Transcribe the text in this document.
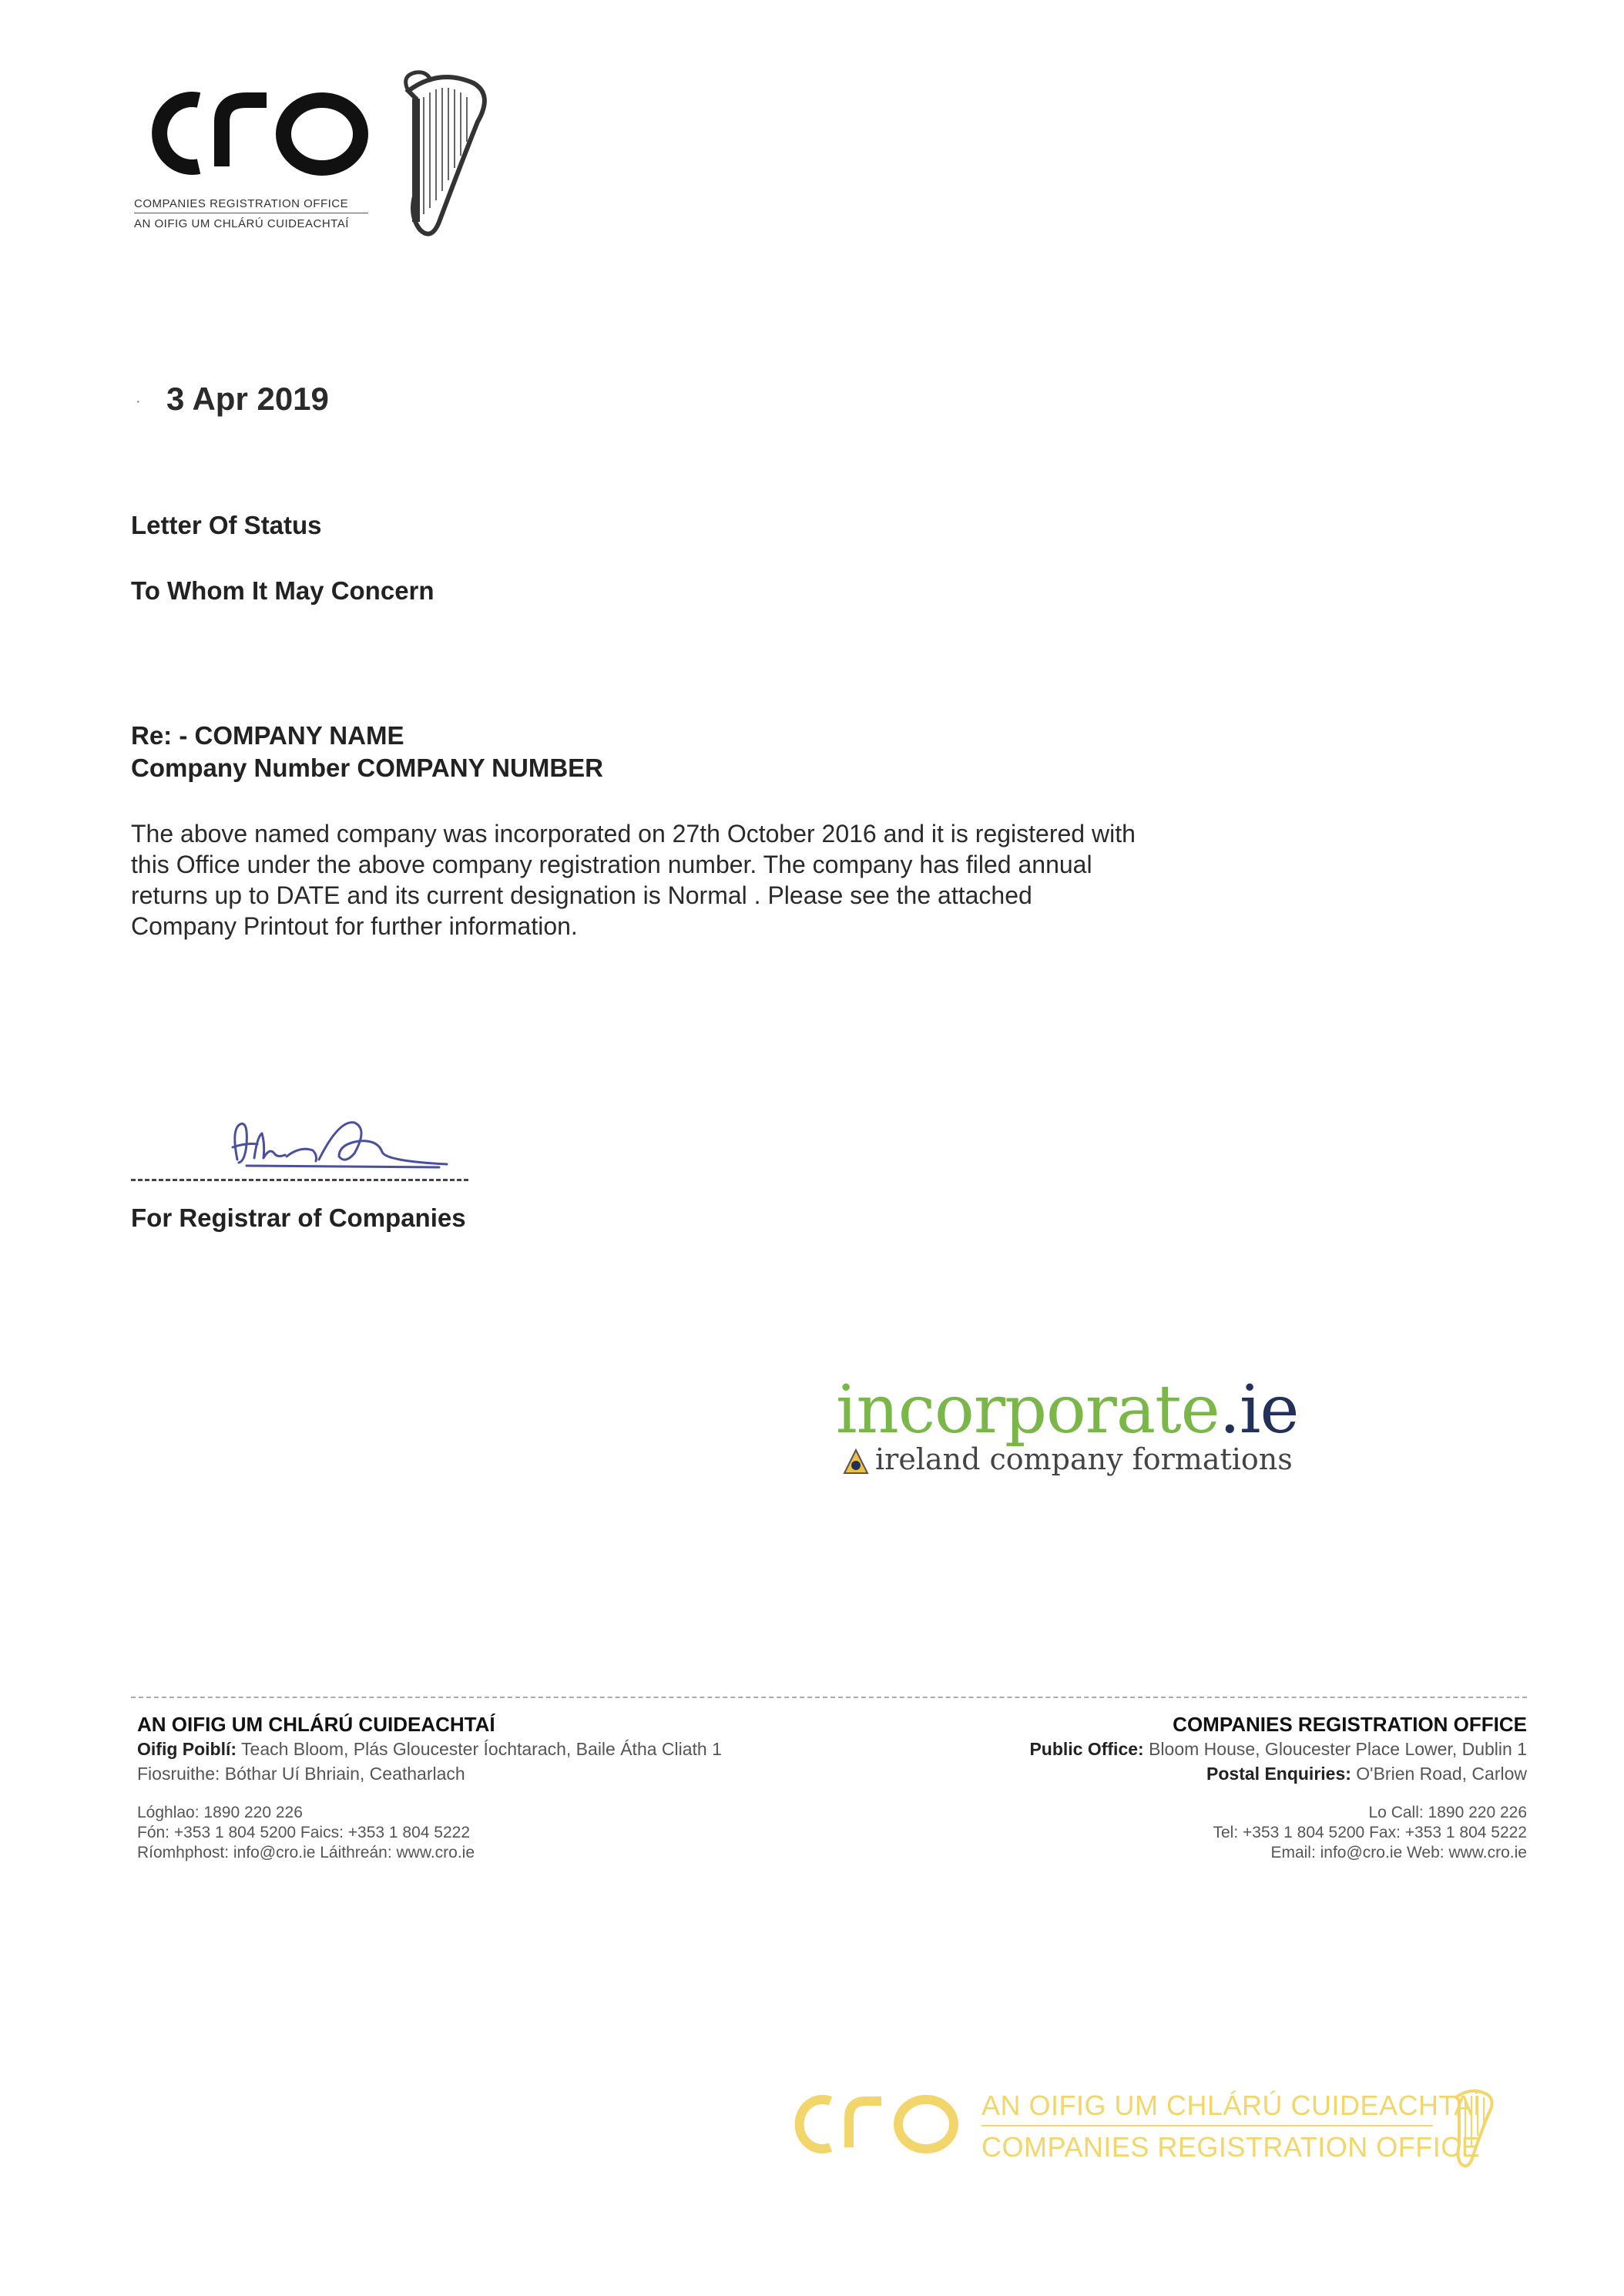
COMPANIES REGISTRATION OFFICE
AN OIFIG UM CHLÁRÚ CUIDEACHTAÍ
· 3 Apr 2019
Letter Of Status
To Whom It May Concern
Re: - COMPANY NAME
Company Number COMPANY NUMBER

The above named company was incorporated on 27th October 2016 and it is registered with

this Office under the above company registration number. The company has filed annual

returns up to DATE and its current designation is Normal . Please see the attached

Company Printout for further information.

For Registrar of Companies
incorporate.ie
ireland company formations
AN OIFIG UM CHLÁRÚ CUIDEACHTAÍ
Oifig Poiblí: Teach Bloom, Plás Gloucester Íochtarach, Baile Átha Cliath 1
Fiosruithe: Bóthar Uí Bhriain, Ceatharlach
Lóghlao: 1890 220 226
Fón: +353 1 804 5200 Faics: +353 1 804 5222
Ríomhphost: info@cro.ie Láithreán: www.cro.ie
COMPANIES REGISTRATION OFFICE
Public Office: Bloom House, Gloucester Place Lower, Dublin 1
Postal Enquiries: O'Brien Road, Carlow
Lo Call: 1890 220 226
Tel: +353 1 804 5200 Fax: +353 1 804 5222
Email: info@cro.ie Web: www.cro.ie
AN OIFIG UM CHLÁRÚ CUIDEACHTAÍ
COMPANIES REGISTRATION OFFICE
